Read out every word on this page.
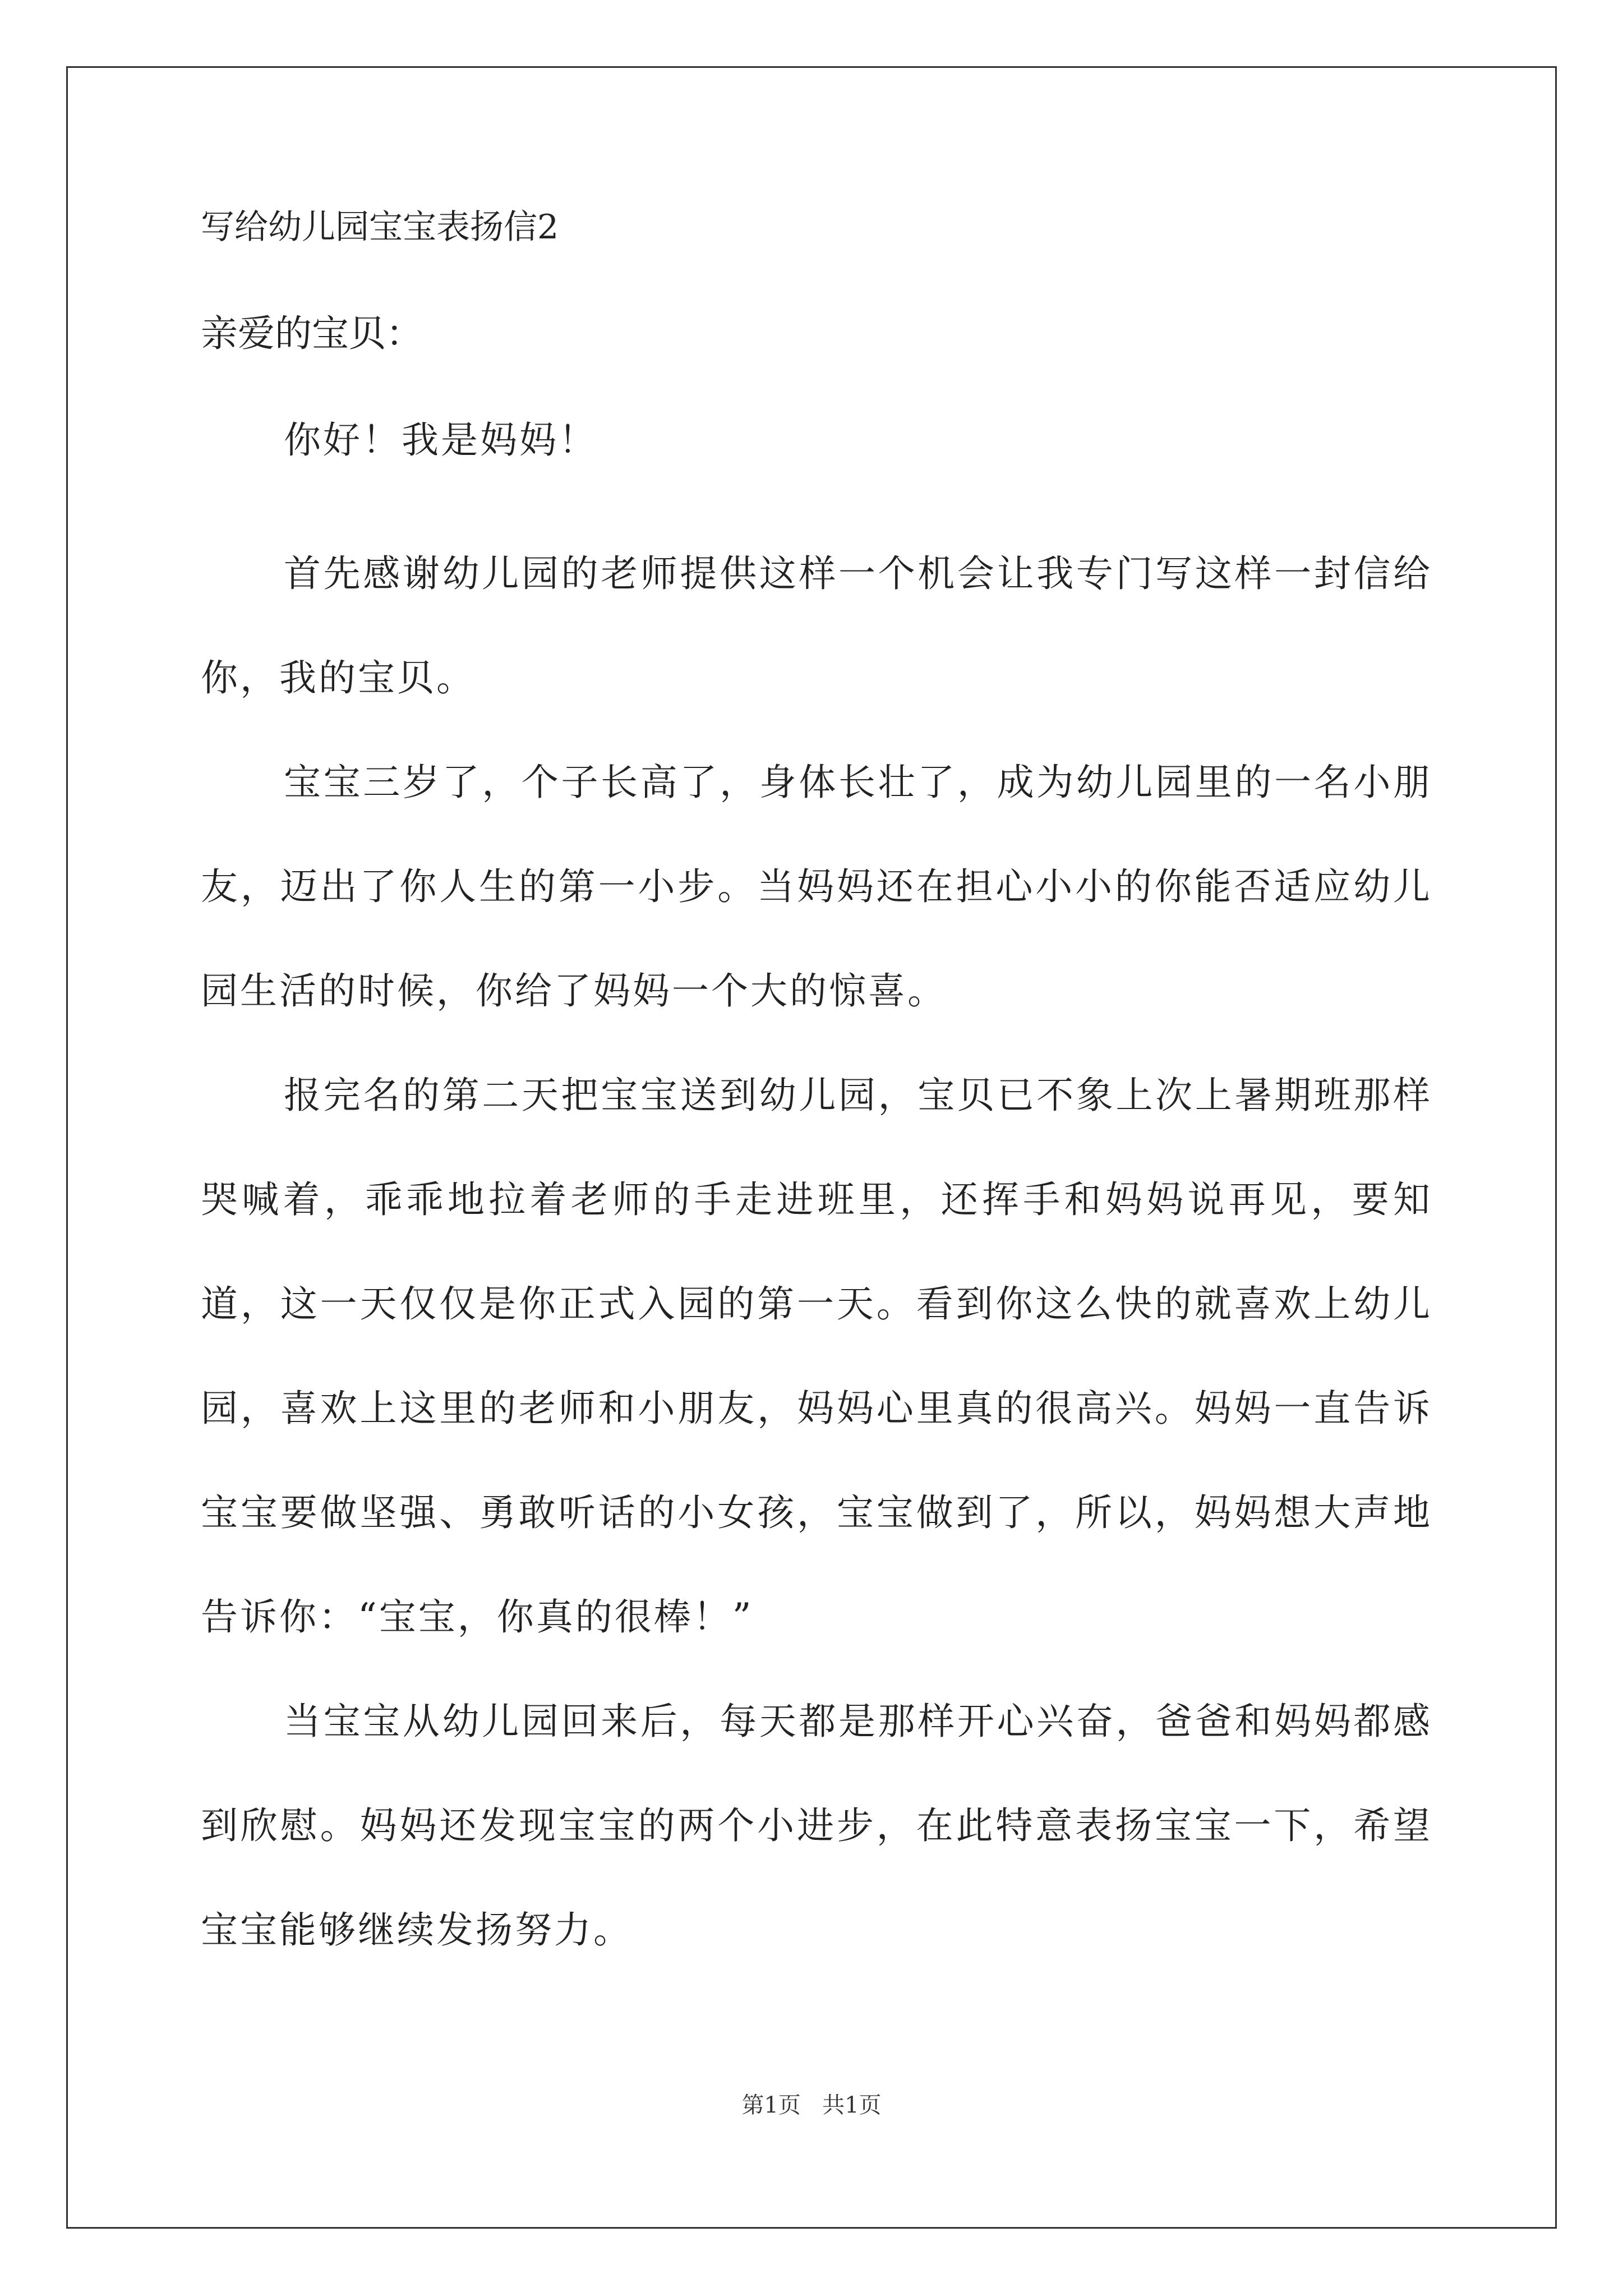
写给幼儿园宝宝表扬信2
亲爱的宝贝：

你好！我是妈妈！

首先感谢幼儿园的老师提供这样一个机会让我专门写这样一封信给你，我的宝贝。

宝宝三岁了，个子长高了，身体长壮了，成为幼儿园里的一名小朋友，迈出了你人生的第一小步。当妈妈还在担心小小的你能否适应幼儿园生活的时候，你给了妈妈一个大的惊喜。

报完名的第二天把宝宝送到幼儿园，宝贝已不象上次上暑期班那样哭喊着，乖乖地拉着老师的手走进班里，还挥手和妈妈说再见，要知道，这一天仅仅是你正式入园的第一天。看到你这么快的就喜欢上幼儿园，喜欢上这里的老师和小朋友，妈妈心里真的很高兴。妈妈一直告诉宝宝要做坚强、勇敢听话的小女孩，宝宝做到了，所以，妈妈想大声地告诉你：“宝宝，你真的很棒！”

当宝宝从幼儿园回来后，每天都是那样开心兴奋，爸爸和妈妈都感到欣慰。妈妈还发现宝宝的两个小进步，在此特意表扬宝宝一下，希望宝宝能够继续发扬努力。

第1页 共1页
